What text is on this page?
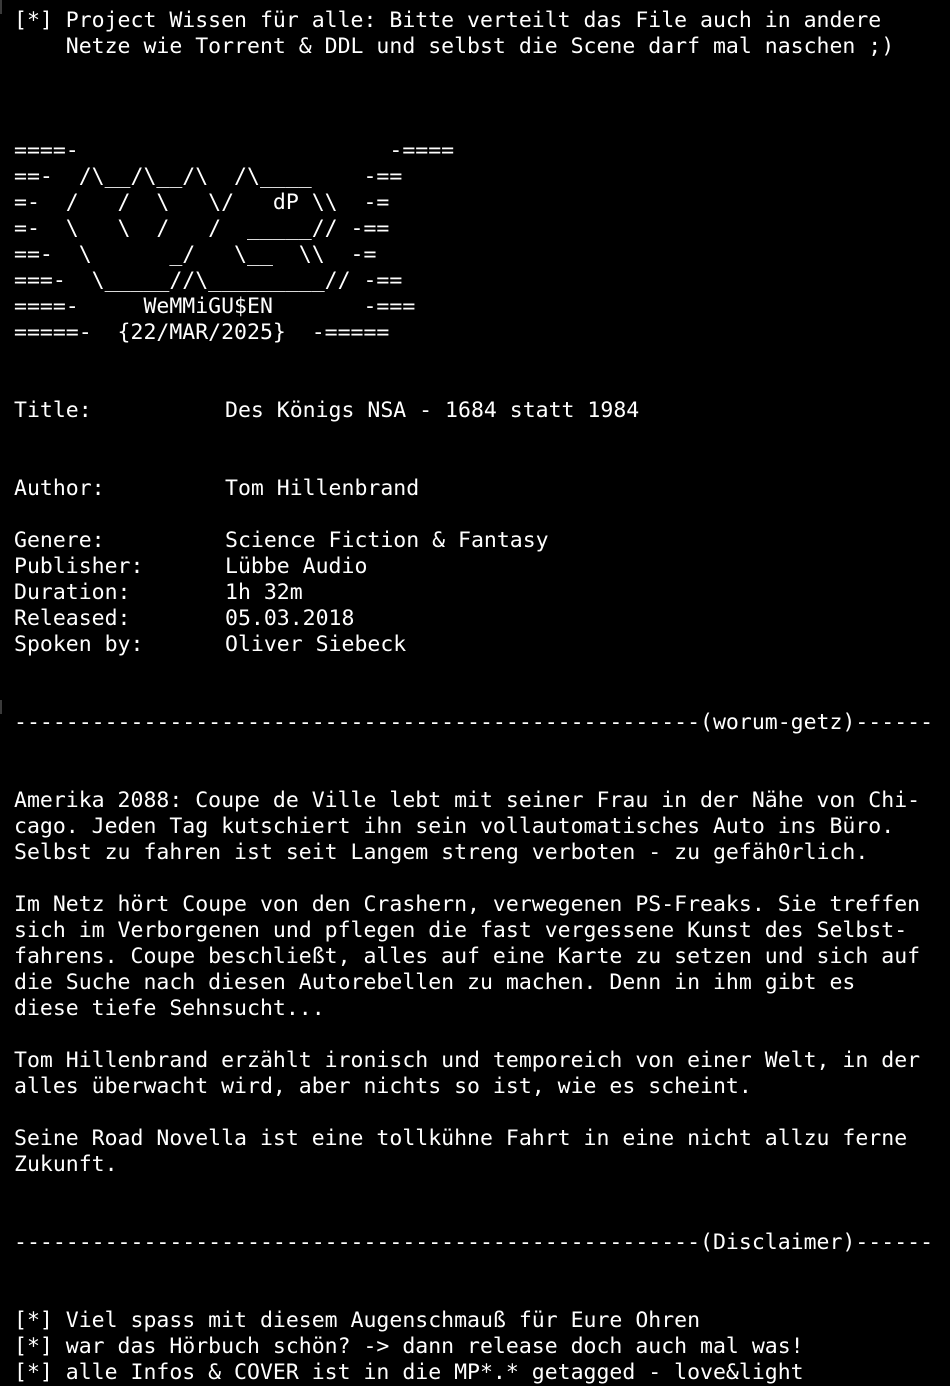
[*] Project Wissen für alle: Bitte verteilt das File auch in andere
Netze wie Torrent & DDL und selbst die Scene darf mal naschen ;)
====-                        -====
==-  /\__/\__/\  /\____    -==
=-  /   /  \   \/   dP \\  -=
=-  \   \  /   /  _____// -==
==-  \      _/   \__  \\  -=
===-  \_____//\_________// -==
====-     WeMMiGU$EN       -===
=====-  {22/MAR/2025}  -=====
Title:	Des Königs NSA - 1684 statt 1984
Author:	Tom Hillenbrand
Genere:	Science Fiction & Fantasy
Publisher:	Lübbe Audio
Duration:	1h 32m
Released:	05.03.2018
Spoken by:	Oliver Siebeck
-----------------------------------------------------(worum-getz)------
Amerika 2088: Coupe de Ville lebt mit seiner Frau in der Nähe von Chi-
cago. Jeden Tag kutschiert ihn sein vollautomatisches Auto ins Büro.
Selbst zu fahren ist seit Langem streng verboten - zu gefäh0rlich.
Im Netz hört Coupe von den Crashern, verwegenen PS-Freaks. Sie treffen
sich im Verborgenen und pflegen die fast vergessene Kunst des Selbst-
fahrens. Coupe beschließt, alles auf eine Karte zu setzen und sich auf
die Suche nach diesen Autorebellen zu machen. Denn in ihm gibt es
diese tiefe Sehnsucht...
Tom Hillenbrand erzählt ironisch und temporeich von einer Welt, in der
alles überwacht wird, aber nichts so ist, wie es scheint.
Seine Road Novella ist eine tollkühne Fahrt in eine nicht allzu ferne
Zukunft.
-----------------------------------------------------(Disclaimer)------
[*] Viel spass mit diesem Augenschmauß für Eure Ohren
[*] war das Hörbuch schön? -> dann release doch auch mal was!
[*] alle Infos & COVER ist in die MP*.* getagged - love&light
